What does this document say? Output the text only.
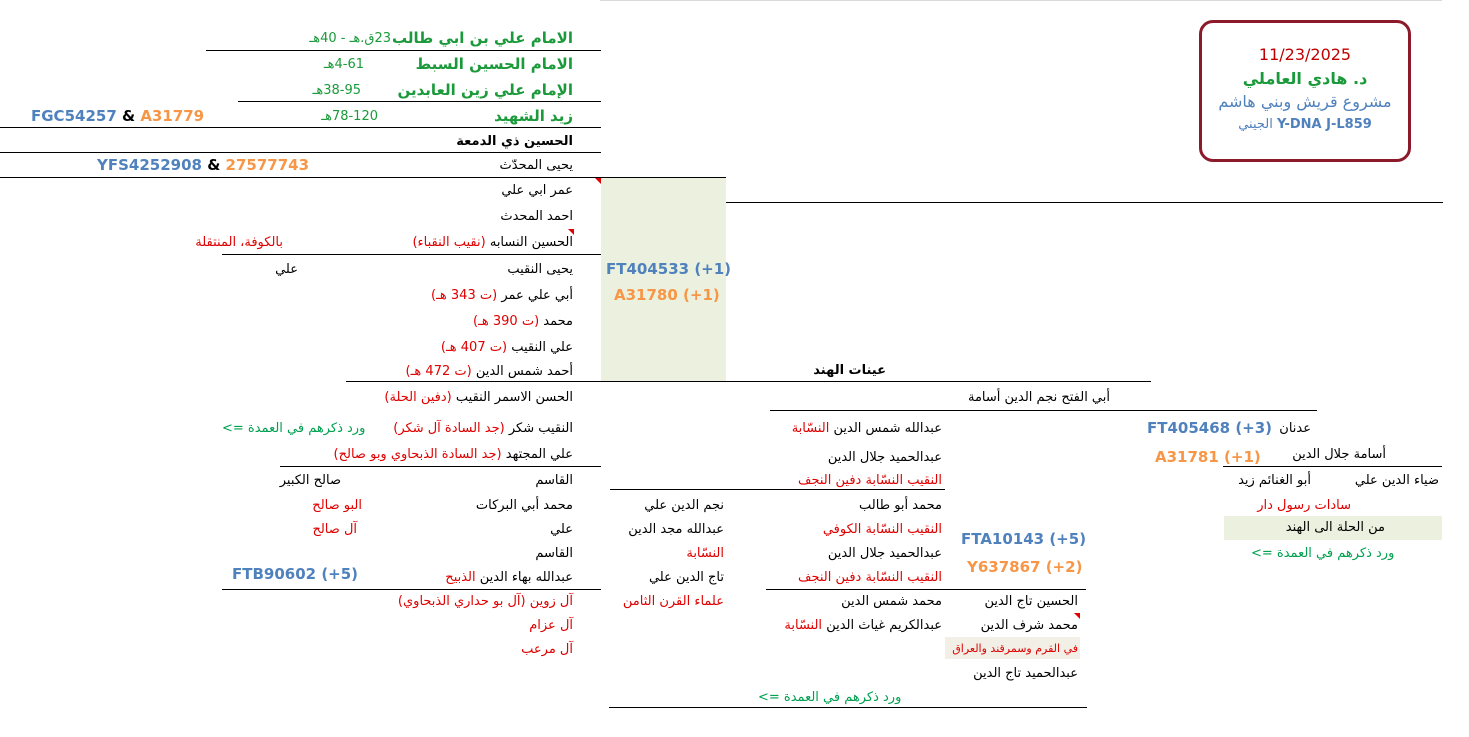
11/23/2025
د. هادي العاملي
مشروع قريش وبني هاشم
الجيني Y-DNA J-L859
الامام علي بن ابي طالب
23ق.هـ - 40هـ
الامام الحسين السبط
4-61هـ
الإمام علي زين العابدين
38-95هـ
زيد الشهيد
78-120هـ
FGC54257 & A31779
الحسين ذي الدمعة
يحيى المحدّث
YFS4252908 & 27577743
عمر ابي علي
احمد المحدث
الحسين النسابه (نقيب النقباء)
بالكوفة، المنتقلة
يحيى النقيب
علي
أبي علي عمر (ت 343 هـ)
محمد (ت 390 هـ)
علي النقيب (ت 407 هـ)
أحمد شمس الدين (ت 472 هـ)
FT404533 (+1)
A31780 (+1)
عينات الهند
الحسن الاسمر النقيب (دفين الحلة)
النقيب شكر (جد السادة آل شكر)
<= ورد ذكرهم في العمدة
علي المجتهد (جد السادة الذبحاوي وبو صالح)
القاسم
صالح الكبير
محمد أبي البركات
البو صالح
علي
آل صالح
القاسم
FTB90602 (+5)	عبدالله بهاء الدين الذبيح
آل زوين (آل بو حداري الذبحاوي)
آل عزام
آل مرعب
نجم الدين علي
عبدالله مجد الدين
النسّابة
تاج الدين علي
علماء القرن الثامن
أبي الفتح نجم الدين أسامة
عبدالله شمس الدين النسّابة
عبدالحميد جلال الدين
النقيب النسّابة دفين النجف
محمد أبو طالب
النقيب النسّابة الكوفي
عبدالحميد جلال الدين
النقيب النسّابة دفين النجف
محمد شمس الدين
عبدالكريم غياث الدين النسّابة
<= ورد ذكرهم في العمدة
FTA10143 (+5)
Y637867 (+2)
الحسين تاج الدين
محمد شرف الدين
في القرم وسمرقند والعراق
عبدالحميد تاج الدين
عدنان
FT405468 (+3)
أسامة جلال الدين
A31781 (+1)
ضياء الدين علي
أبو الغنائم زيد
سادات رسول دار
من الحلة الى الهند
<= ورد ذكرهم في العمدة
